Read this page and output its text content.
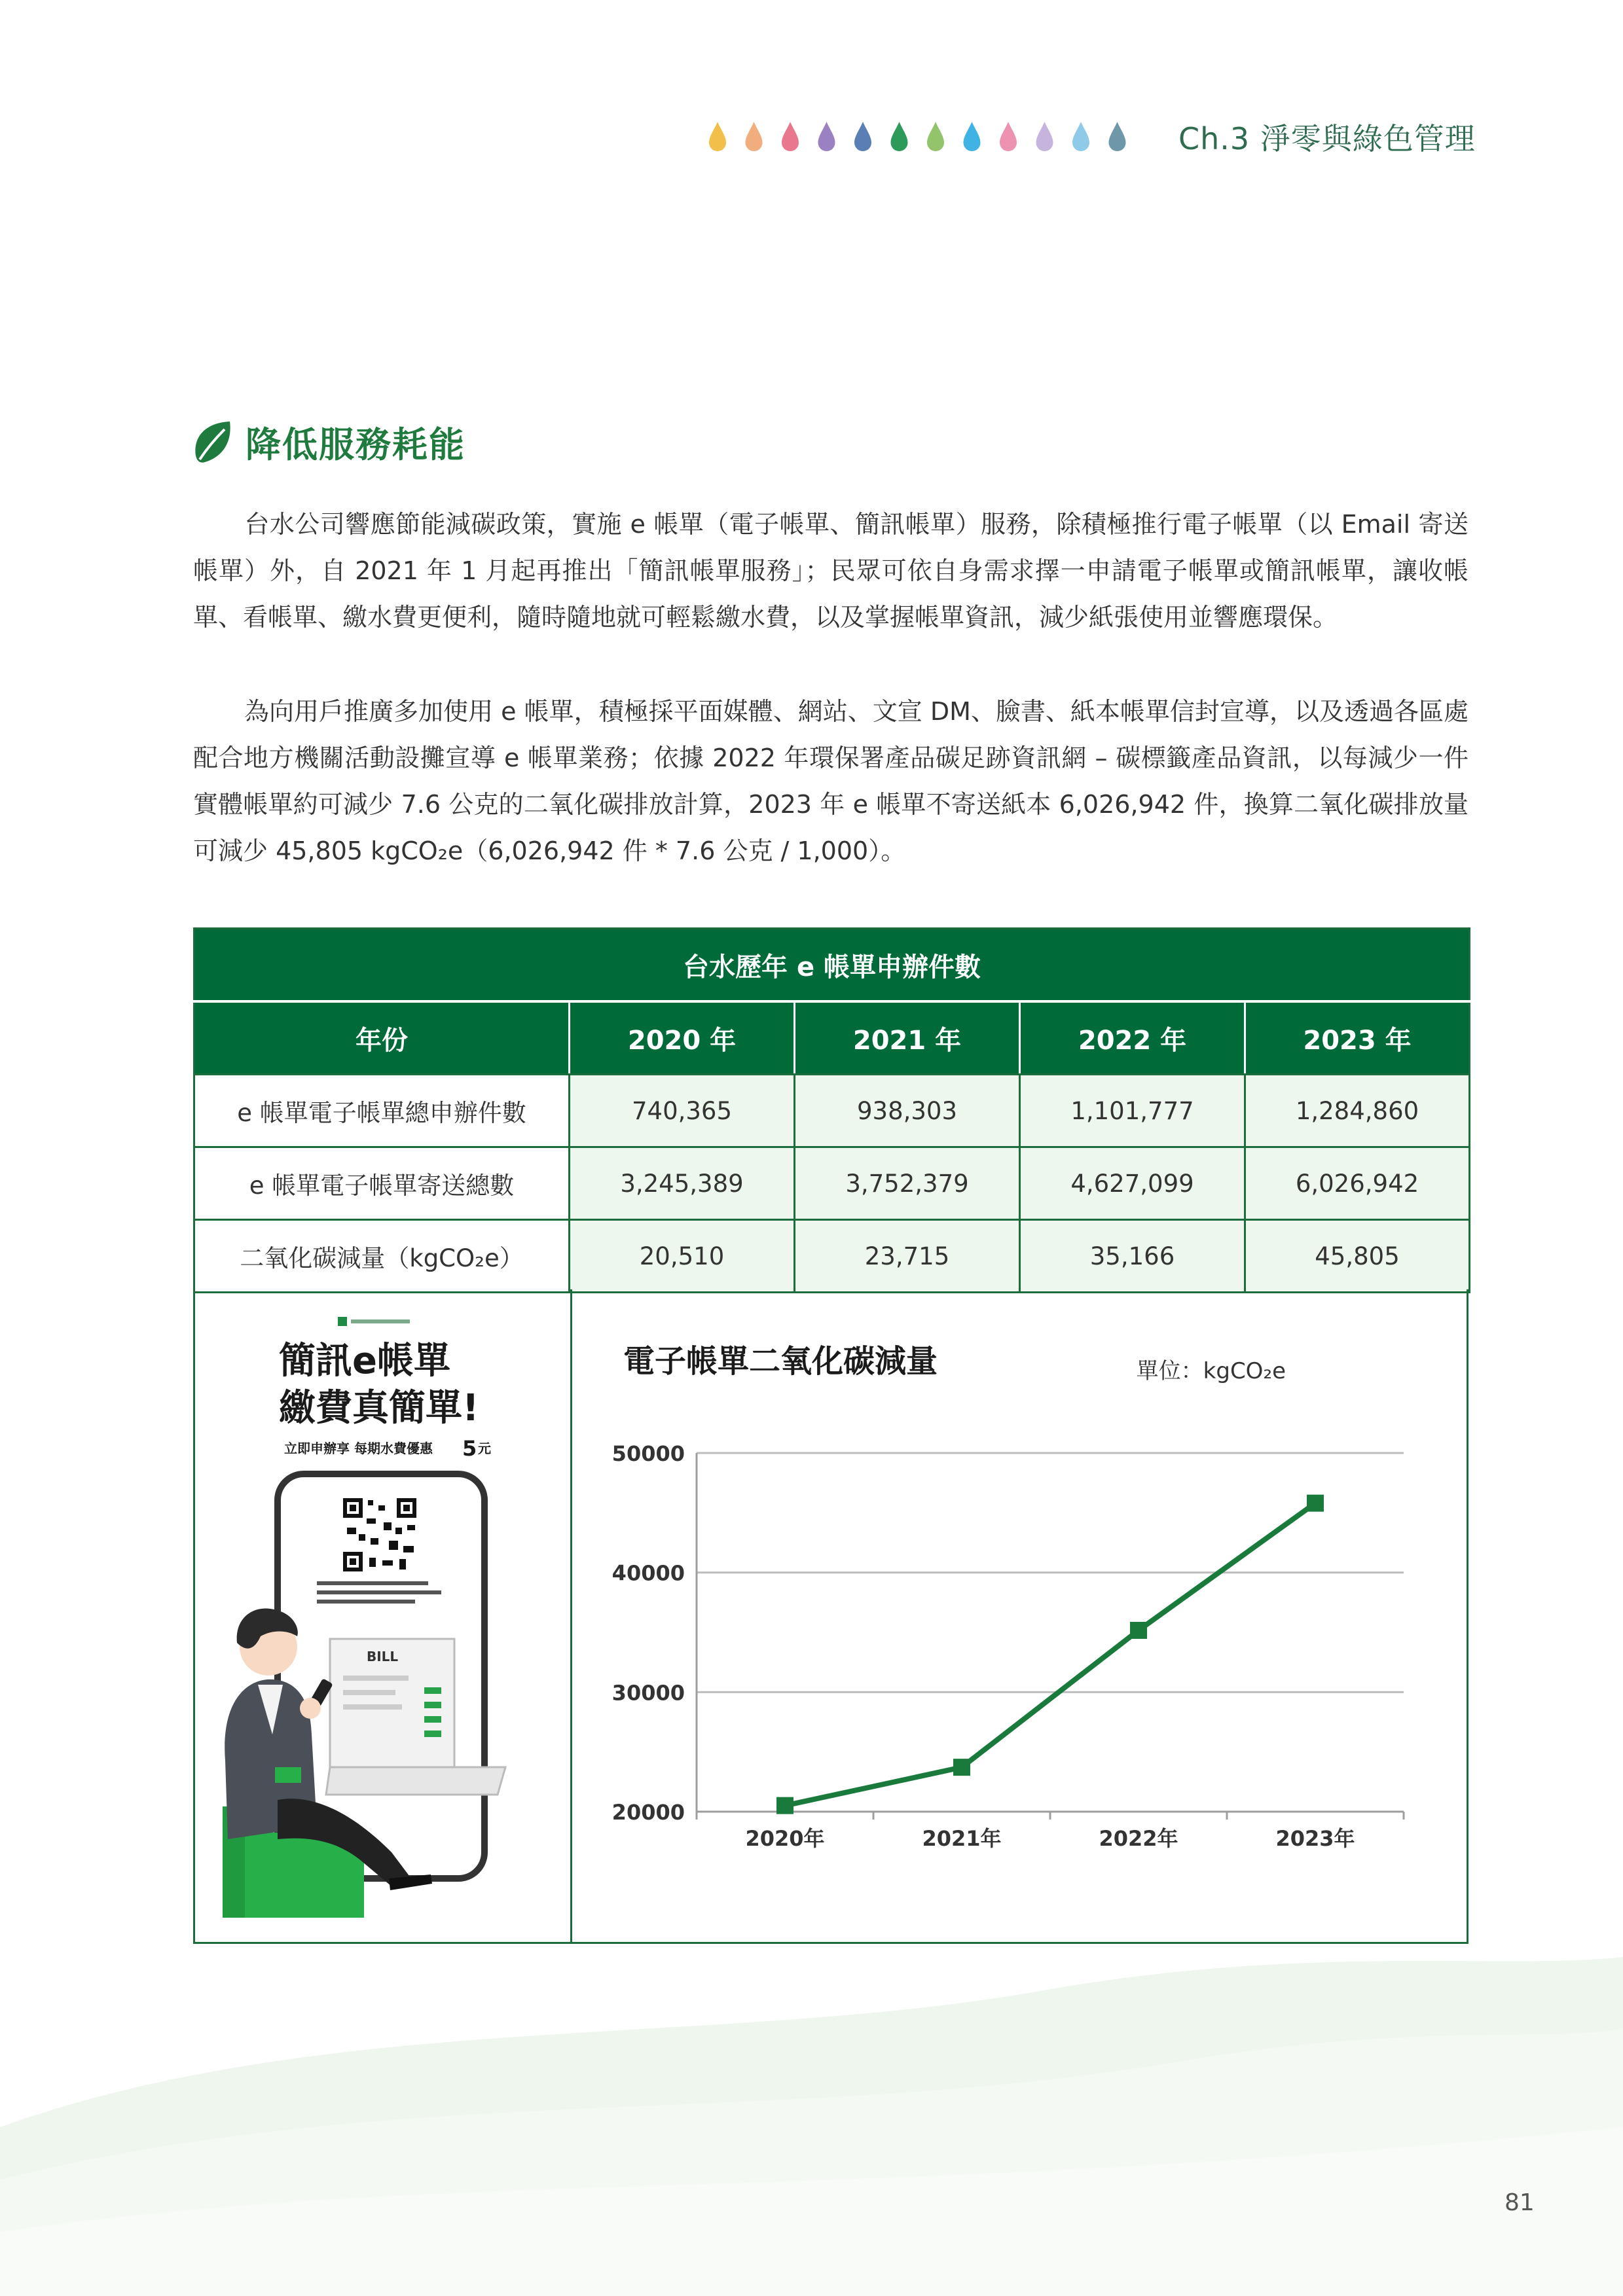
Ch.3 淨零與綠色管理
降低服務耗能
台水公司響應節能減碳政策，實施 e 帳單（電子帳單、簡訊帳單）服務，除積極推行電子帳單（以 Email 寄送帳單）外，自 2021 年 1 月起再推出「簡訊帳單服務」；民眾可依自身需求擇一申請電子帳單或簡訊帳單，讓收帳單、看帳單、繳水費更便利，隨時隨地就可輕鬆繳水費，以及掌握帳單資訊，減少紙張使用並響應環保。
為向用戶推廣多加使用 e 帳單，積極採平面媒體、網站、文宣 DM、臉書、紙本帳單信封宣導，以及透過各區處配合地方機關活動設攤宣導 e 帳單業務；依據 2022 年環保署產品碳足跡資訊網 – 碳標籤產品資訊，以每減少一件實體帳單約可減少 7.6 公克的二氧化碳排放計算，2023 年 e 帳單不寄送紙本 6,026,942 件，換算二氧化碳排放量可減少 45,805 kgCO₂e（6,026,942 件 * 7.6 公克 / 1,000）。
台水歷年 e 帳單申辦件數				
年份	2020 年	2021 年	2022 年	2023 年
e 帳單電子帳單總申辦件數	740,365	938,303	1,101,777	1,284,860
e 帳單電子帳單寄送總數	3,245,389	3,752,379	4,627,099	6,026,942
二氧化碳減量（kgCO₂e）	20,510	23,715	35,166	45,805
簡訊e帳單
繳費真簡單!
立即申辦享 每期水費優惠 5 元
BILL
電子帳單二氧化碳減量	單位：kgCO₂e
20000
30000
40000
50000
2020年	2021年	2022年	2023年
81
